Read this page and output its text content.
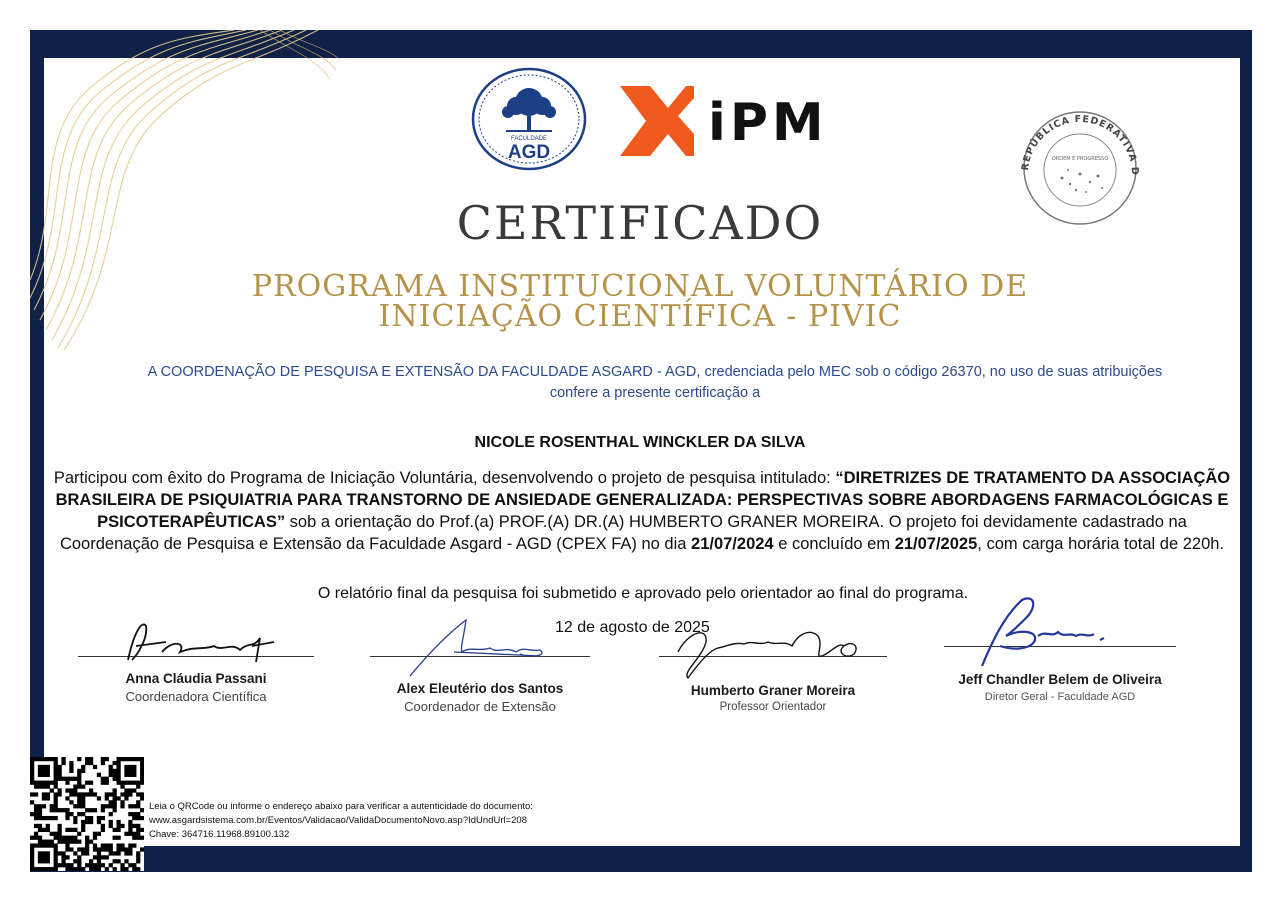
FACULDADE
AGD	iPM
REPÚBLICA FEDERATIVA D
ORDEM E PROGRESSO
CERTIFICADO
PROGRAMA INSTITUCIONAL VOLUNTÁRIO DE
INICIAÇÃO CIENTÍFICA - PIVIC
A COORDENAÇÃO DE PESQUISA E EXTENSÃO DA FACULDADE ASGARD - AGD, credenciada pelo MEC sob o código 26370, no uso de suas atribuições
confere a presente certificação a
NICOLE ROSENTHAL WINCKLER DA SILVA
Participou com êxito do Programa de Iniciação Voluntária, desenvolvendo o projeto de pesquisa intitulado: “DIRETRIZES DE TRATAMENTO DA ASSOCIAÇÃO BRASILEIRA DE PSIQUIATRIA PARA TRANSTORNO DE ANSIEDADE GENERALIZADA: PERSPECTIVAS SOBRE ABORDAGENS FARMACOLÓGICAS E PSICOTERAPÊUTICAS” sob a orientação do Prof.(a) PROF.(A) DR.(A) HUMBERTO GRANER MOREIRA. O projeto foi devidamente cadastrado na Coordenação de Pesquisa e Extensão da Faculdade Asgard - AGD (CPEX FA) no dia 21/07/2024 e concluído em 21/07/2025, com carga horária total de 220h.
O relatório final da pesquisa foi submetido e aprovado pelo orientador ao final do programa.
12 de agosto de 2025
Anna Cláudia Passani
Coordenadora Científica
Alex Eleutério dos Santos
Coordenador de Extensão
Humberto Graner Moreira
Professor Orientador
Jeff Chandler Belem de Oliveira
Diretor Geral - Faculdade AGD
Leia o QRCode ou informe o endereço abaixo para verificar a autenticidade do documento:
www.asgardsistema.com.br/Eventos/Validacao/ValidaDocumentoNovo.asp?IdUndUrl=208
Chave: 364716.11968.89100.132
